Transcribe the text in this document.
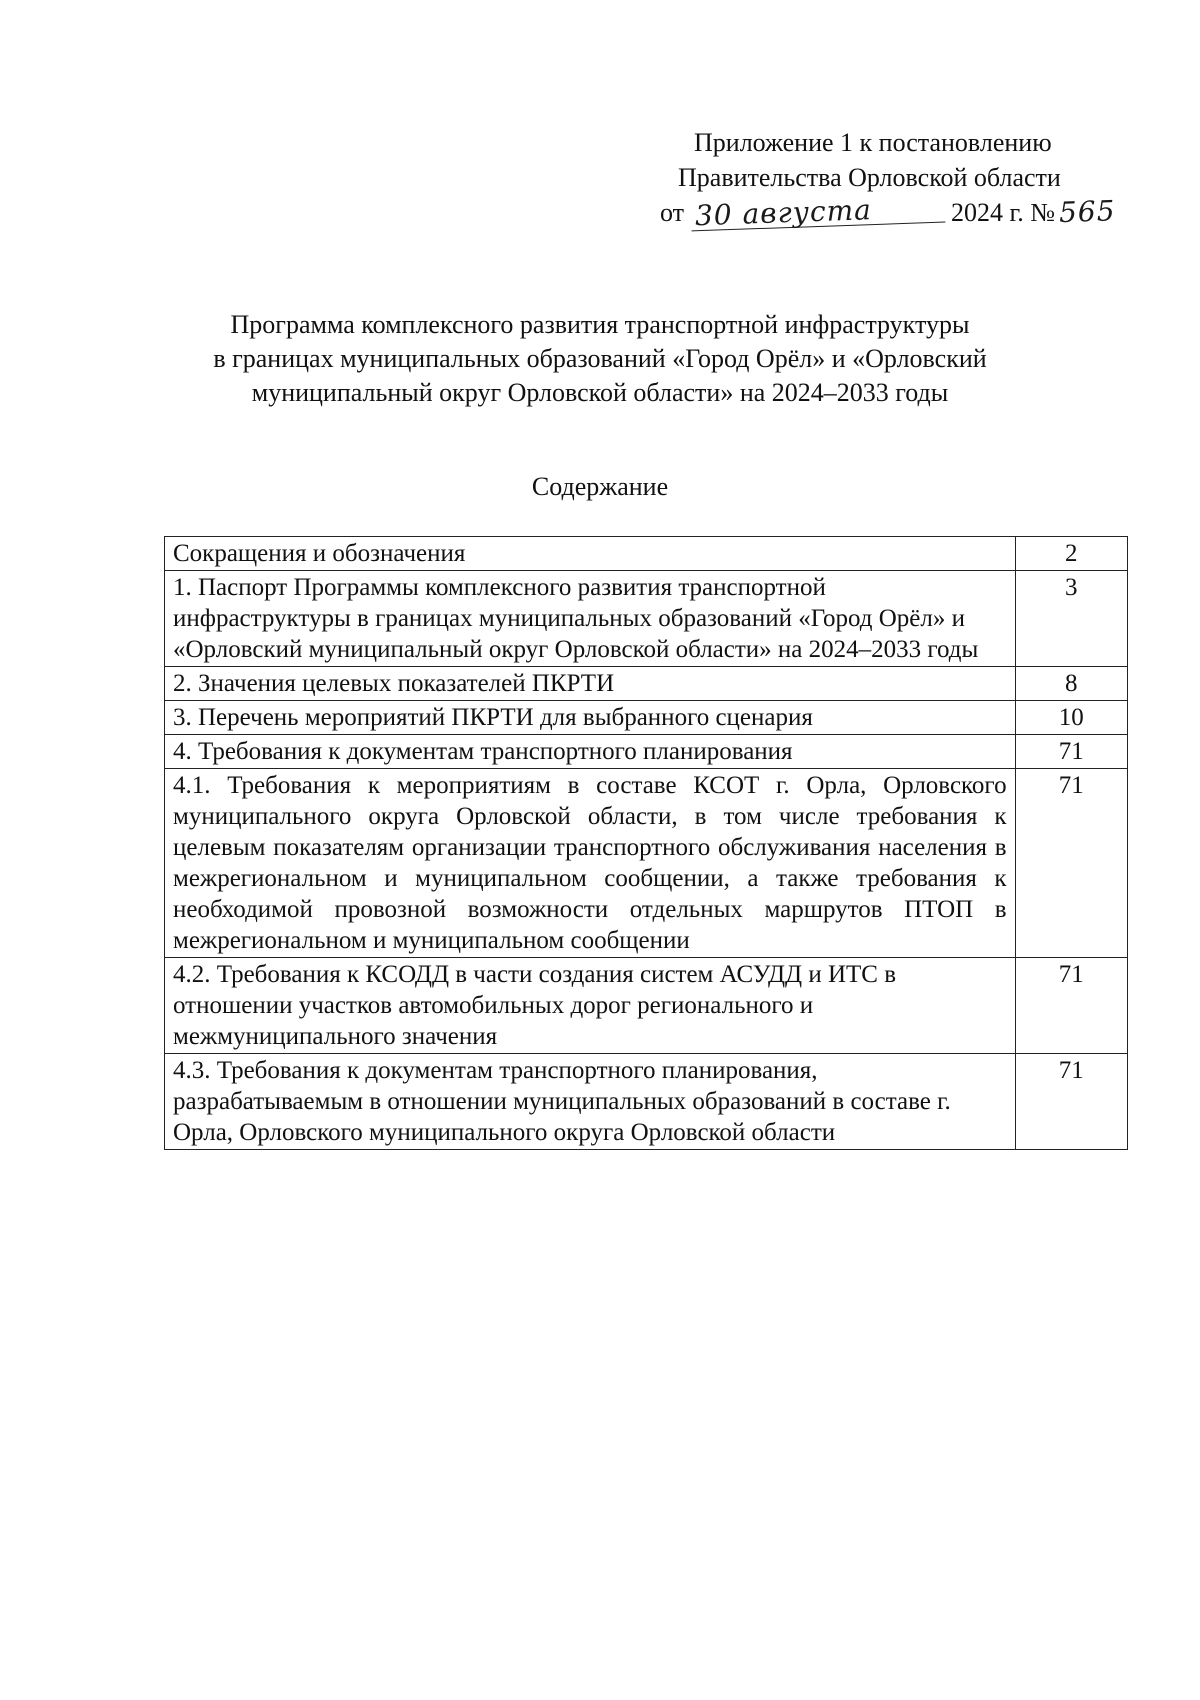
Приложение 1 к постановлению
Правительства Орловской области
от 30 августа	2024 г. № 565
Программа комплексного развития транспортной инфраструктуры
в границах муниципальных образований «Город Орёл» и «Орловский
муниципальный округ Орловской области» на 2024–2033 годы
Содержание
Сокращения и обозначения	2
1. Паспорт Программы комплексного развития транспортной инфраструктуры в границах муниципальных образований «Город Орёл» и «Орловский муниципальный округ Орловской области» на 2024–2033 годы	3
2. Значения целевых показателей ПКРТИ	8
3. Перечень мероприятий ПКРТИ для выбранного сценария	10
4. Требования к документам транспортного планирования	71
4.1. Требования к мероприятиям в составе КСОТ г. Орла, Орловского муниципального округа Орловской области, в том числе требования к целевым показателям организации транспортного обслуживания населения в межрегиональном и муниципальном сообщении, а также требования к необходимой провозной возможности отдельных маршрутов ПТОП в межрегиональном и муниципальном сообщении	71
4.2. Требования к КСОДД в части создания систем АСУДД и ИТС в отношении участков автомобильных дорог регионального и межмуниципального значения	71
4.3. Требования к документам транспортного планирования, разрабатываемым в отношении муниципальных образований в составе г. Орла, Орловского муниципального округа Орловской области	71
